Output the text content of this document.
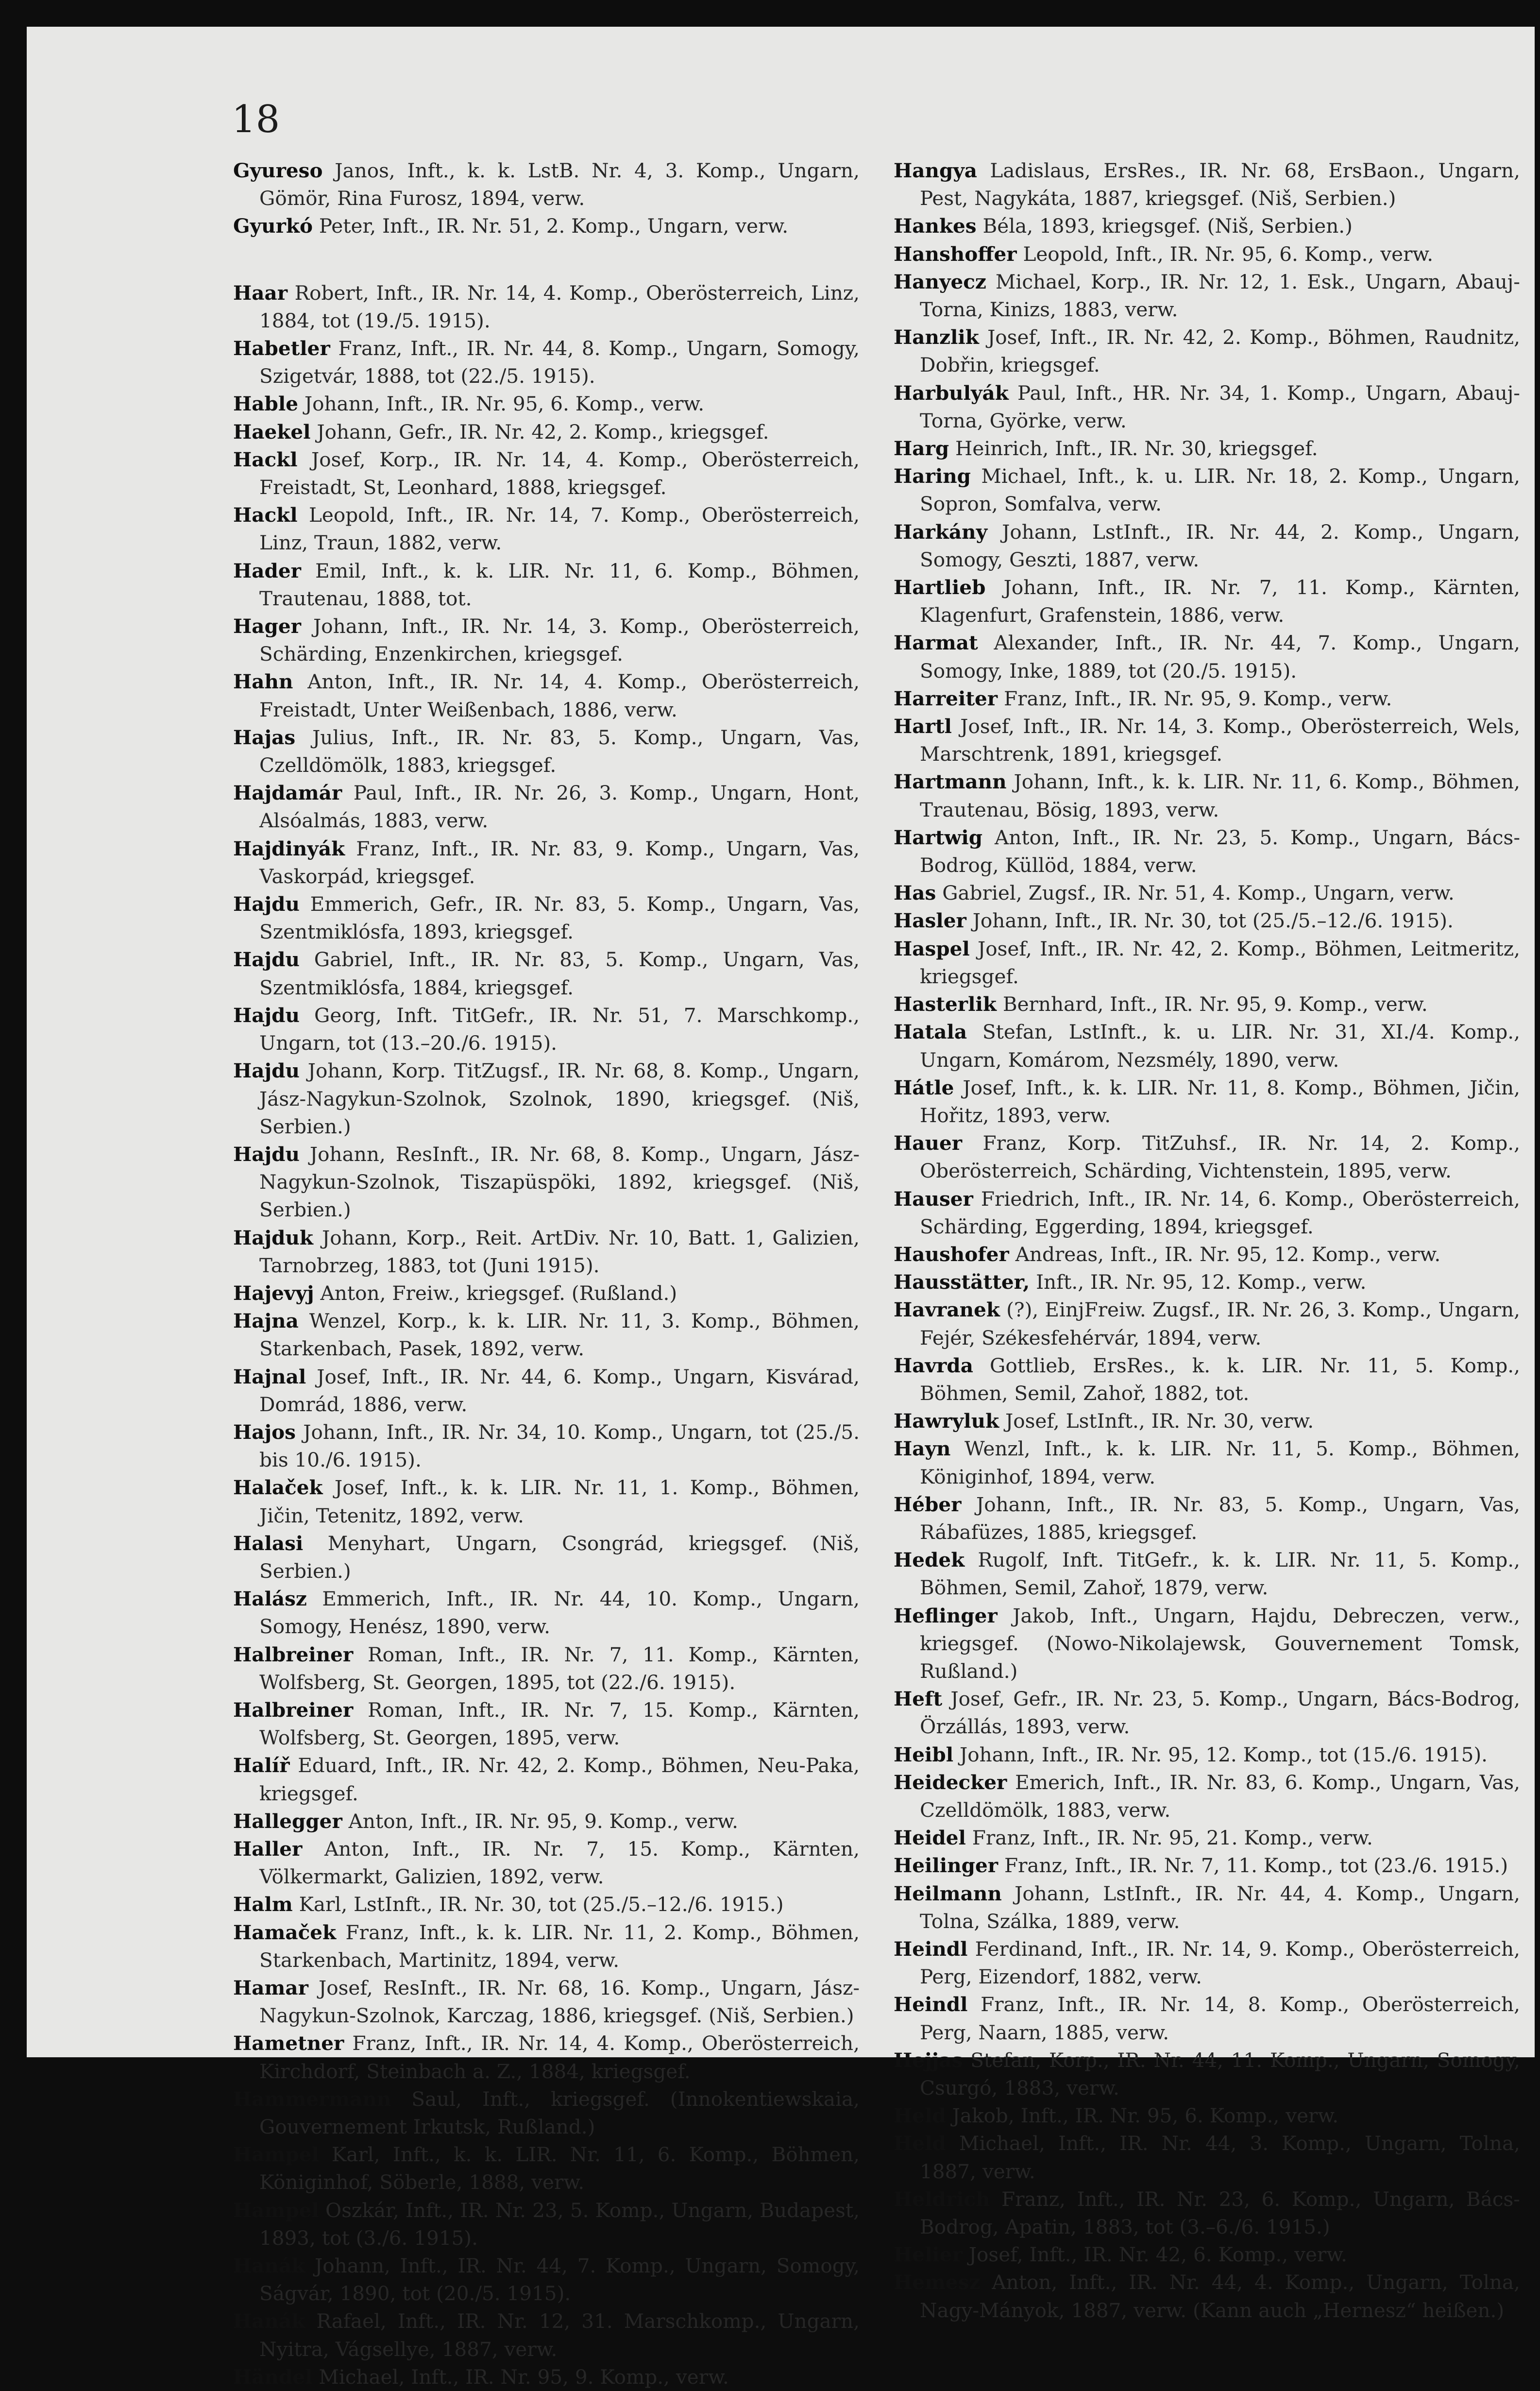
18
Gyureso Janos, Inft., k. k. LstB. Nr. 4, 3. Komp., Ungarn, Gömör, Rina Furosz, 1894, verw.
Gyurkó Peter, Inft., IR. Nr. 51, 2. Komp., Ungarn, verw.
Haar Robert, Inft., IR. Nr. 14, 4. Komp., Oberösterreich, Linz, 1884, tot (19./5. 1915).
Habetler Franz, Inft., IR. Nr. 44, 8. Komp., Ungarn, Somogy, Szigetvár, 1888, tot (22./5. 1915).
Hable Johann, Inft., IR. Nr. 95, 6. Komp., verw.
Haekel Johann, Gefr., IR. Nr. 42, 2. Komp., kriegsgef.
Hackl Josef, Korp., IR. Nr. 14, 4. Komp., Oberösterreich, Freistadt, St, Leonhard, 1888, kriegsgef.
Hackl Leopold, Inft., IR. Nr. 14, 7. Komp., Oberösterreich, Linz, Traun, 1882, verw.
Hader Emil, Inft., k. k. LIR. Nr. 11, 6. Komp., Böhmen, Trautenau, 1888, tot.
Hager Johann, Inft., IR. Nr. 14, 3. Komp., Oberösterreich, Schärding, Enzenkirchen, kriegsgef.
Hahn Anton, Inft., IR. Nr. 14, 4. Komp., Oberösterreich, Freistadt, Unter Weißenbach, 1886, verw.
Hajas Julius, Inft., IR. Nr. 83, 5. Komp., Ungarn, Vas, Czelldömölk, 1883, kriegsgef.
Hajdamár Paul, Inft., IR. Nr. 26, 3. Komp., Ungarn, Hont, Alsóalmás, 1883, verw.
Hajdinyák Franz, Inft., IR. Nr. 83, 9. Komp., Ungarn, Vas, Vaskorpád, kriegsgef.
Hajdu Emmerich, Gefr., IR. Nr. 83, 5. Komp., Ungarn, Vas, Szentmiklósfa, 1893, kriegsgef.
Hajdu Gabriel, Inft., IR. Nr. 83, 5. Komp., Ungarn, Vas, Szentmiklósfa, 1884, kriegsgef.
Hajdu Georg, Inft. TitGefr., IR. Nr. 51, 7. Marschkomp., Ungarn, tot (13.–20./6. 1915).
Hajdu Johann, Korp. TitZugsf., IR. Nr. 68, 8. Komp., Ungarn, Jász-Nagykun-Szolnok, Szolnok, 1890, kriegsgef. (Niš, Serbien.)
Hajdu Johann, ResInft., IR. Nr. 68, 8. Komp., Ungarn, Jász-Nagykun-Szolnok, Tiszapüspöki, 1892, kriegsgef. (Niš, Serbien.)
Hajduk Johann, Korp., Reit. ArtDiv. Nr. 10, Batt. 1, Galizien, Tarnobrzeg, 1883, tot (Juni 1915).
Hajevyj Anton, Freiw., kriegsgef. (Rußland.)
Hajna Wenzel, Korp., k. k. LIR. Nr. 11, 3. Komp., Böhmen, Starkenbach, Pasek, 1892, verw.
Hajnal Josef, Inft., IR. Nr. 44, 6. Komp., Ungarn, Kisvárad, Domrád, 1886, verw.
Hajos Johann, Inft., IR. Nr. 34, 10. Komp., Ungarn, tot (25./5. bis 10./6. 1915).
Halaček Josef, Inft., k. k. LIR. Nr. 11, 1. Komp., Böhmen, Jičin, Tetenitz, 1892, verw.
Halasi Menyhart, Ungarn, Csongrád, kriegsgef. (Niš, Serbien.)
Halász Emmerich, Inft., IR. Nr. 44, 10. Komp., Ungarn, Somogy, Henész, 1890, verw.
Halbreiner Roman, Inft., IR. Nr. 7, 11. Komp., Kärnten, Wolfsberg, St. Georgen, 1895, tot (22./6. 1915).
Halbreiner Roman, Inft., IR. Nr. 7, 15. Komp., Kärnten, Wolfsberg, St. Georgen, 1895, verw.
Halíř Eduard, Inft., IR. Nr. 42, 2. Komp., Böhmen, Neu-Paka, kriegsgef.
Hallegger Anton, Inft., IR. Nr. 95, 9. Komp., verw.
Haller Anton, Inft., IR. Nr. 7, 15. Komp., Kärnten, Völkermarkt, Galizien, 1892, verw.
Halm Karl, LstInft., IR. Nr. 30, tot (25./5.–12./6. 1915.)
Hamaček Franz, Inft., k. k. LIR. Nr. 11, 2. Komp., Böhmen, Starkenbach, Martinitz, 1894, verw.
Hamar Josef, ResInft., IR. Nr. 68, 16. Komp., Ungarn, Jász-Nagykun-Szolnok, Karczag, 1886, kriegsgef. (Niš, Serbien.)
Hametner Franz, Inft., IR. Nr. 14, 4. Komp., Oberösterreich, Kirchdorf, Steinbach a. Z., 1884, kriegsgef.
Hammermann Saul, Inft., kriegsgef. (Innokentiewskaia, Gouvernement Irkutsk, Rußland.)
Hampel Karl, Inft., k. k. LIR. Nr. 11, 6. Komp., Böhmen, Königinhof, Söberle, 1888, verw.
Hampel Oszkár, Inft., IR. Nr. 23, 5. Komp., Ungarn, Budapest, 1893, tot (3./6. 1915).
Hanák Johann, Inft., IR. Nr. 44, 7. Komp., Ungarn, Somogy, Ságvár, 1890, tot (20./5. 1915).
Hanák Rafael, Inft., IR. Nr. 12, 31. Marschkomp., Ungarn, Nyitra, Vágsellye, 1887, verw.
Händel Michael, Inft., IR. Nr. 95, 9. Komp., verw.
Hangya Ladislaus, ErsRes., IR. Nr. 68, ErsBaon., Ungarn, Pest, Nagykáta, 1887, kriegsgef. (Niš, Serbien.)
Hankes Béla, 1893, kriegsgef. (Niš, Serbien.)
Hanshoffer Leopold, Inft., IR. Nr. 95, 6. Komp., verw.
Hanyecz Michael, Korp., IR. Nr. 12, 1. Esk., Ungarn, Abauj-Torna, Kinizs, 1883, verw.
Hanzlik Josef, Inft., IR. Nr. 42, 2. Komp., Böhmen, Raudnitz, Dobřin, kriegsgef.
Harbulyák Paul, Inft., HR. Nr. 34, 1. Komp., Ungarn, Abauj-Torna, Györke, verw.
Harg Heinrich, Inft., IR. Nr. 30, kriegsgef.
Haring Michael, Inft., k. u. LIR. Nr. 18, 2. Komp., Ungarn, Sopron, Somfalva, verw.
Harkány Johann, LstInft., IR. Nr. 44, 2. Komp., Ungarn, Somogy, Geszti, 1887, verw.
Hartlieb Johann, Inft., IR. Nr. 7, 11. Komp., Kärnten, Klagenfurt, Grafenstein, 1886, verw.
Harmat Alexander, Inft., IR. Nr. 44, 7. Komp., Ungarn, Somogy, Inke, 1889, tot (20./5. 1915).
Harreiter Franz, Inft., IR. Nr. 95, 9. Komp., verw.
Hartl Josef, Inft., IR. Nr. 14, 3. Komp., Oberösterreich, Wels, Marschtrenk, 1891, kriegsgef.
Hartmann Johann, Inft., k. k. LIR. Nr. 11, 6. Komp., Böhmen, Trautenau, Bösig, 1893, verw.
Hartwig Anton, Inft., IR. Nr. 23, 5. Komp., Ungarn, Bács-Bodrog, Küllöd, 1884, verw.
Has Gabriel, Zugsf., IR. Nr. 51, 4. Komp., Ungarn, verw.
Hasler Johann, Inft., IR. Nr. 30, tot (25./5.–12./6. 1915).
Haspel Josef, Inft., IR. Nr. 42, 2. Komp., Böhmen, Leitmeritz, kriegsgef.
Hasterlik Bernhard, Inft., IR. Nr. 95, 9. Komp., verw.
Hatala Stefan, LstInft., k. u. LIR. Nr. 31, XI./4. Komp., Ungarn, Komárom, Nezsmély, 1890, verw.
Hátle Josef, Inft., k. k. LIR. Nr. 11, 8. Komp., Böhmen, Jičin, Hořitz, 1893, verw.
Hauer Franz, Korp. TitZuhsf., IR. Nr. 14, 2. Komp., Oberösterreich, Schärding, Vichtenstein, 1895, verw.
Hauser Friedrich, Inft., IR. Nr. 14, 6. Komp., Oberösterreich, Schärding, Eggerding, 1894, kriegsgef.
Haushofer Andreas, Inft., IR. Nr. 95, 12. Komp., verw.
Hausstätter, Inft., IR. Nr. 95, 12. Komp., verw.
Havranek (?), EinjFreiw. Zugsf., IR. Nr. 26, 3. Komp., Ungarn, Fejér, Székesfehérvár, 1894, verw.
Havrda Gottlieb, ErsRes., k. k. LIR. Nr. 11, 5. Komp., Böhmen, Semil, Zahoř, 1882, tot.
Hawryluk Josef, LstInft., IR. Nr. 30, verw.
Hayn Wenzl, Inft., k. k. LIR. Nr. 11, 5. Komp., Böhmen, Königinhof, 1894, verw.
Héber Johann, Inft., IR. Nr. 83, 5. Komp., Ungarn, Vas, Rábafüzes, 1885, kriegsgef.
Hedek Rugolf, Inft. TitGefr., k. k. LIR. Nr. 11, 5. Komp., Böhmen, Semil, Zahoř, 1879, verw.
Heflinger Jakob, Inft., Ungarn, Hajdu, Debreczen, verw., kriegsgef. (Nowo-Nikolajewsk, Gouvernement Tomsk, Rußland.)
Heft Josef, Gefr., IR. Nr. 23, 5. Komp., Ungarn, Bács-Bodrog, Örzállás, 1893, verw.
Heibl Johann, Inft., IR. Nr. 95, 12. Komp., tot (15./6. 1915).
Heidecker Emerich, Inft., IR. Nr. 83, 6. Komp., Ungarn, Vas, Czelldömölk, 1883, verw.
Heidel Franz, Inft., IR. Nr. 95, 21. Komp., verw.
Heilinger Franz, Inft., IR. Nr. 7, 11. Komp., tot (23./6. 1915.)
Heilmann Johann, LstInft., IR. Nr. 44, 4. Komp., Ungarn, Tolna, Szálka, 1889, verw.
Heindl Ferdinand, Inft., IR. Nr. 14, 9. Komp., Oberösterreich, Perg, Eizendorf, 1882, verw.
Heindl Franz, Inft., IR. Nr. 14, 8. Komp., Oberösterreich, Perg, Naarn, 1885, verw.
Hejjas Stefan, Korp., IR. Nr. 44, 11. Komp., Ungarn, Somogy, Csurgó, 1883, verw.
Held Jakob, Inft., IR. Nr. 95, 6. Komp., verw.
Held Michael, Inft., IR. Nr. 44, 3. Komp., Ungarn, Tolna, 1887, verw.
Heldrich Franz, Inft., IR. Nr. 23, 6. Komp., Ungarn, Bács-Bodrog, Apatin, 1883, tot (3.–6./6. 1915.)
Helier Josef, Inft., IR. Nr. 42, 6. Komp., verw.
Hemesz Anton, Inft., IR. Nr. 44, 4. Komp., Ungarn, Tolna, Nagy-Mányok, 1887, verw. (Kann auch „Hernesz“ heißen.)
